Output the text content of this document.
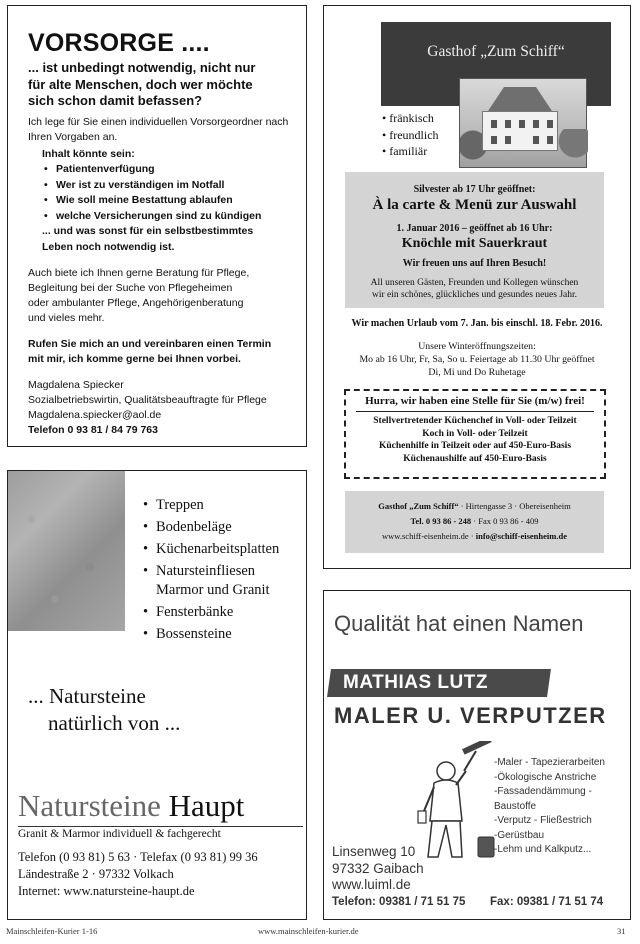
VORSORGE ....
... ist unbedingt notwendig, nicht nur
für alte Menschen, doch wer möchte
sich schon damit befassen?

Ich lege für Sie einen individuellen Vorsorgeordner nach
Ihren Vorgaben an.

Inhalt könnte sein:
• Patientenverfügung
• Wer ist zu verständigen im Notfall
• Wie soll meine Bestattung ablaufen
• welche Versicherungen sind zu kündigen
... und was sonst für ein selbstbestimmtes
Leben noch notwendig ist.

Auch biete ich Ihnen gerne Beratung für Pflege,
Begleitung bei der Suche von Pflegeheimen
oder ambulanter Pflege, Angehörigenberatung
und vieles mehr.

Rufen Sie mich an und vereinbaren einen Termin
mit mir, ich komme gerne bei Ihnen vorbei.

Magdalena Spiecker
Sozialbetriebswirtin, Qualitätsbeauftragte für Pflege
Magdalena.spiecker@aol.de
Telefon 0 93 81 / 84 79 763

Gasthof „Zum Schiff“
• fränkisch
• freundlich
• familiär
Silvester ab 17 Uhr geöffnet:
À la carte & Menü zur Auswahl
1. Januar 2016 – geöffnet ab 16 Uhr:
Knöchle mit Sauerkraut
Wir freuen uns auf Ihren Besuch!
All unseren Gästen, Freunden und Kollegen wünschen
wir ein schönes, glückliches und gesundes neues Jahr.
Wir machen Urlaub vom 7. Jan. bis einschl. 18. Febr. 2016.
Unsere Winteröffnungszeiten:
Mo ab 16 Uhr, Fr, Sa, So u. Feiertage ab 11.30 Uhr geöffnet
Di, Mi und Do Ruhetage
Hurra, wir haben eine Stelle für Sie (m/w) frei!
Stellvertretender Küchenchef in Voll- oder Teilzeit
Koch in Voll- oder Teilzeit
Küchenhilfe in Teilzeit oder auf 450-Euro-Basis
Küchenaushilfe auf 450-Euro-Basis
Gasthof „Zum Schiff“ · Hirtengasse 3 · Obereisenheim
Tel. 0 93 86 - 248 · Fax 0 93 86 - 409
www.schiff-eisenheim.de · info@schiff-eisenheim.de
• Treppen
• Bodenbeläge
• Küchenarbeitsplatten
• Natursteinfliesen Marmor und Granit
• Fensterbänke
• Bossensteine
... Natursteine
natürlich von ...
Natursteine Haupt
Granit & Marmor individuell & fachgerecht
Telefon (0 93 81) 5 63 · Telefax (0 93 81) 99 36
Ländestraße 2 · 97332 Volkach
Internet: www.natursteine-haupt.de
Qualität hat einen Namen
MATHIAS LUTZ
MALER U. VERPUTZER
-Maler - Tapezierarbeiten
-Ökologische Anstriche
-Fassadendämmung - Baustoffe
-Verputz - Fließestrich
-Gerüstbau
-Lehm und Kalkputz...
Linsenweg 10
97332 Gaibach
www.luiml.de
Telefon: 09381 / 71 51 75 Fax: 09381 / 71 51 74
Mainschleifen-Kurier 1-16	www.mainschleifen-kurier.de	31
